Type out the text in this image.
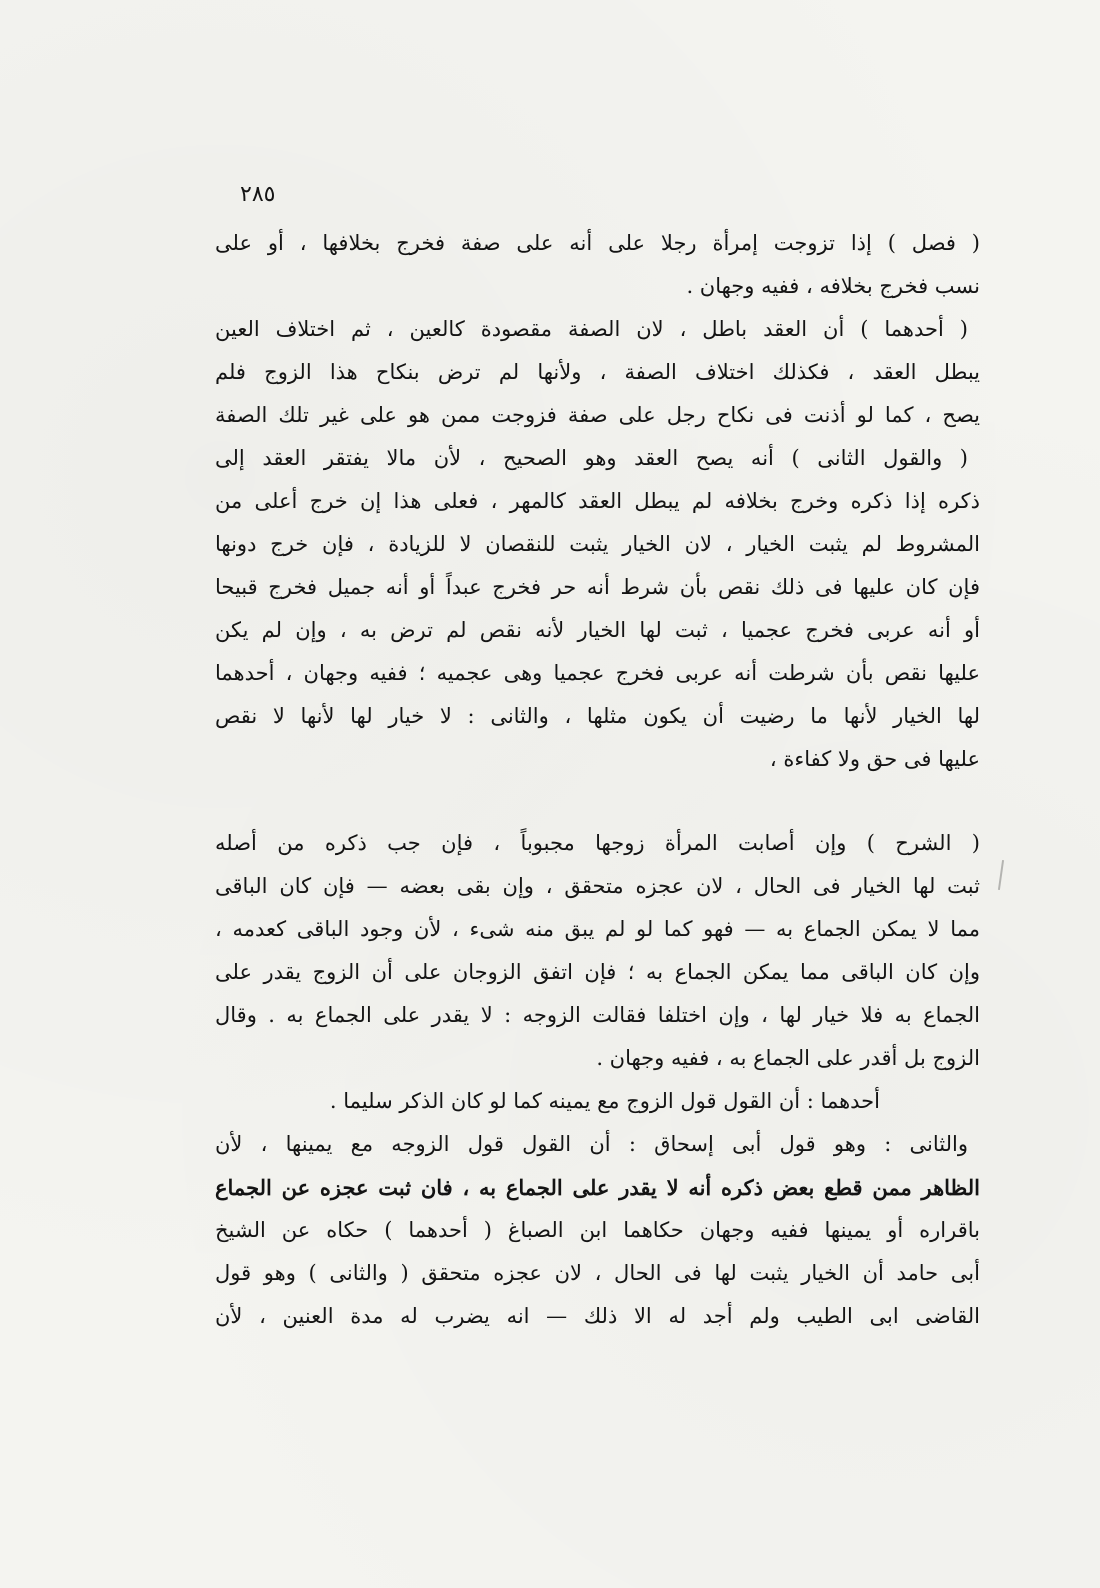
٢٨٥
( فصل ) إذا تزوجت إمرأة رجلا على أنه على صفة فخرج بخلافها ، أو على
نسب فخرج بخلافه ، ففيه وجهان .
( أحدهما ) أن العقد باطل ، لان الصفة مقصودة كالعين ، ثم اختلاف العين
يبطل العقد ، فكذلك اختلاف الصفة ، ولأنها لم ترض بنكاح هذا الزوج فلم
يصح ، كما لو أذنت فى نكاح رجل على صفة فزوجت ممن هو على غير تلك الصفة
( والقول الثانى ) أنه يصح العقد وهو الصحيح ، لأن مالا يفتقر العقد إلى
ذكره إذا ذكره وخرج بخلافه لم يبطل العقد كالمهر ، فعلى هذا إن خرج أعلى من
المشروط لم يثبت الخيار ، لان الخيار يثبت للنقصان لا للزيادة ، فإن خرج دونها
فإن كان عليها فى ذلك نقص بأن شرط أنه حر فخرج عبداً أو أنه جميل فخرج قبيحا
أو أنه عربى فخرج عجميا ، ثبت لها الخيار لأنه نقص لم ترض به ، وإن لم يكن
عليها نقص بأن شرطت أنه عربى فخرج عجميا وهى عجميه ؛ ففيه وجهان ، أحدهما
لها الخيار لأنها ما رضيت أن يكون مثلها ، والثانى : لا خيار لها لأنها لا نقص
عليها فى حق ولا كفاءة ،
( الشرح ) وإن أصابت المرأة زوجها مجبوباً ، فإن جب ذكره من أصله
ثبت لها الخيار فى الحال ، لان عجزه متحقق ، وإن بقى بعضه — فإن كان الباقى
مما لا يمكن الجماع به — فهو كما لو لم يبق منه شىء ، لأن وجود الباقى كعدمه ،
وإن كان الباقى مما يمكن الجماع به ؛ فإن اتفق الزوجان على أن الزوج يقدر على
الجماع به فلا خيار لها ، وإن اختلفا فقالت الزوجه : لا يقدر على الجماع به . وقال
الزوج بل أقدر على الجماع به ، ففيه وجهان .
أحدهما : أن القول قول الزوج مع يمينه كما لو كان الذكر سليما .
والثانى : وهو قول أبى إسحاق : أن القول قول الزوجه مع يمينها ، لأن
الظاهر ممن قطع بعض ذكره أنه لا يقدر على الجماع به ، فان ثبت عجزه عن الجماع
باقراره أو يمينها ففيه وجهان حكاهما ابن الصباغ ( أحدهما ) حكاه عن الشيخ
أبى حامد أن الخيار يثبت لها فى الحال ، لان عجزه متحقق ( والثانى ) وهو قول
القاضى ابى الطيب ولم أجد له الا ذلك — انه يضرب له مدة العنين ، لأن
